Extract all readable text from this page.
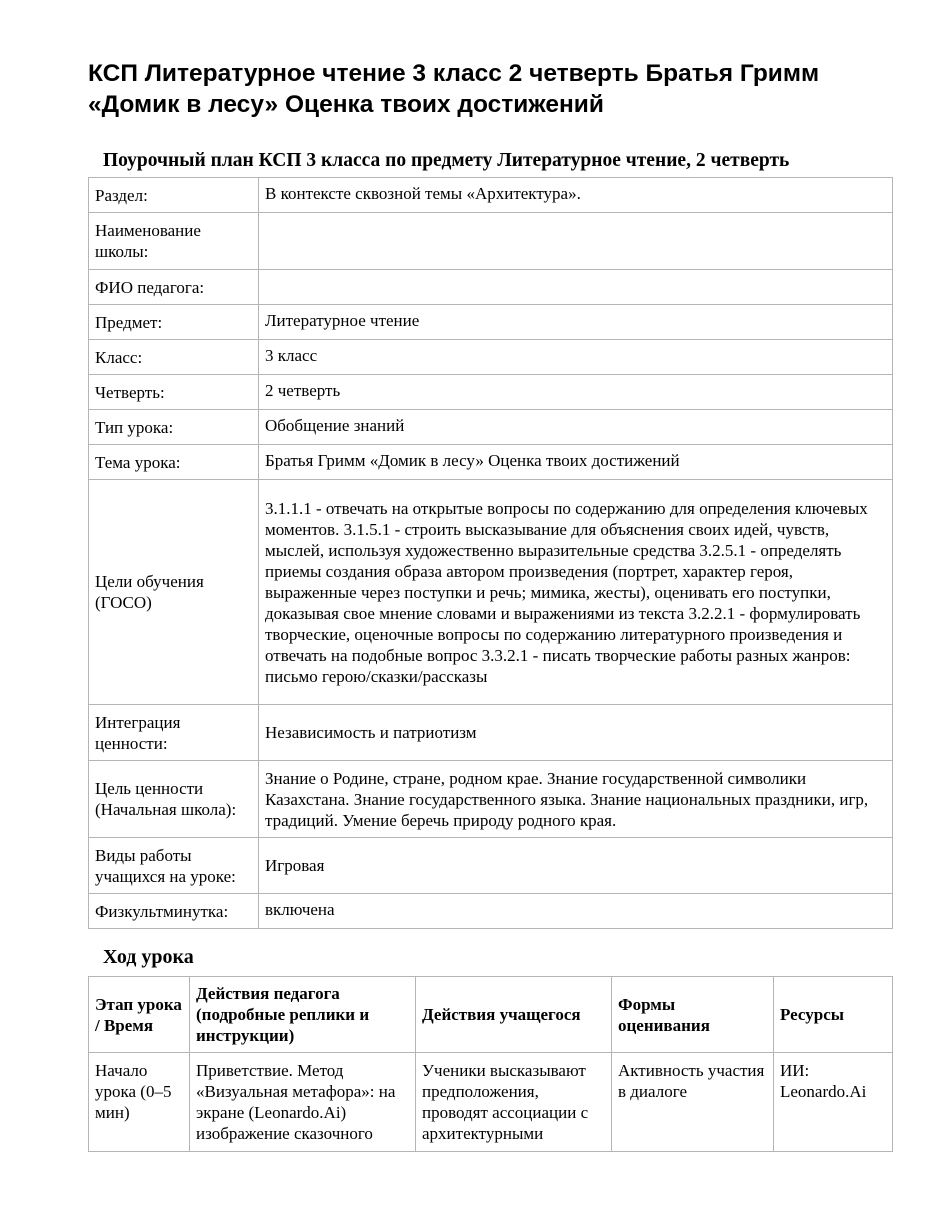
КСП Литературное чтение 3 класс 2 четверть Братья Гримм «Домик в лесу» Оценка твоих достижений
Поурочный план КСП 3 класса по предмету Литературное чтение, 2 четверть
Раздел:	В контексте сквозной темы «Архитектура».
Наименование школы:	
ФИО педагога:	
Предмет:	Литературное чтение
Класс:	3 класс
Четверть:	2 четверть
Тип урока:	Обобщение знаний
Тема урока:	Братья Гримм «Домик в лесу» Оценка твоих достижений
Цели обучения (ГОСО)	3.1.1.1 - отвечать на открытые вопросы по содержанию для определения ключевых моментов. 3.1.5.1 - строить высказывание для объяснения своих идей, чувств, мыслей, используя художественно выразительные средства 3.2.5.1 - определять приемы создания образа автором произведения (портрет, характер героя, выраженные через поступки и речь; мимика, жесты), оценивать его поступки, доказывая свое мнение словами и выражениями из текста 3.2.2.1 - формулировать творческие, оценочные вопросы по содержанию литературного произведения и отвечать на подобные вопрос 3.3.2.1 - писать творческие работы разных жанров: письмо герою/сказки/рассказы
Интеграция ценности:	Независимость и патриотизм
Цель ценности (Начальная школа):	Знание о Родине, стране, родном крае. Знание государственной символики Казахстана. Знание государственного языка. Знание национальных праздники, игр, традиций. Умение беречь природу родного края.
Виды работы учащихся на уроке:	Игровая
Физкультминутка:	включена
Ход урока
Этап урока / Время	Действия педагога (подробные реплики и инструкции)	Действия учащегося	Формы оценивания	Ресурсы
Начало урока (0–5 мин)	Приветствие. Метод «Визуальная метафора»: на экране (Leonardo.Ai) изображение сказочного	Ученики высказывают предположения, проводят ассоциации с архитектурными	Активность участия в диалоге	ИИ: Leonardo.Ai
